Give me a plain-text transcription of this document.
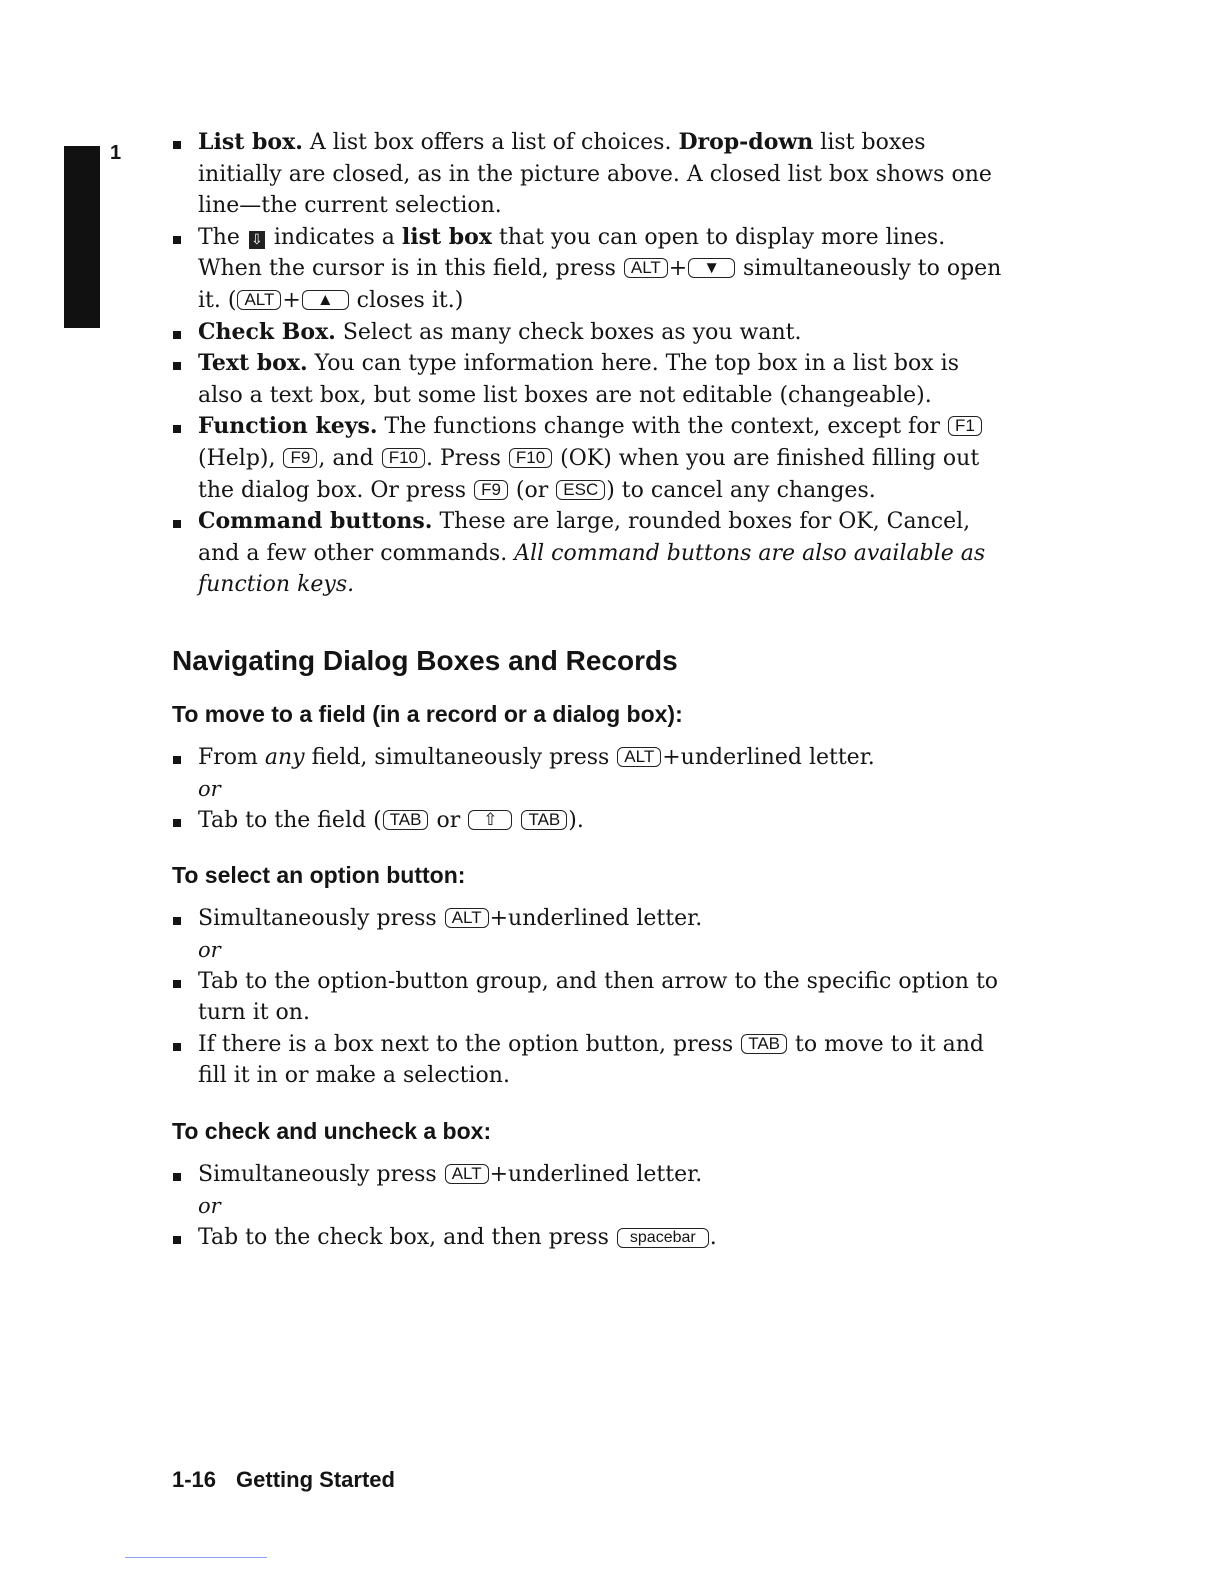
1	List box. A list box offers a list of choices. Drop-down list boxes initially are closed, as in the picture above. A closed list box shows one line—the current selection.
The ⇩ indicates a list box that you can open to display more lines. When the cursor is in this field, press ALT + ▼ simultaneously to open it. ( ALT + ▲ closes it.)
Check Box. Select as many check boxes as you want.
Text box. You can type information here. The top box in a list box is also a text box, but some list boxes are not editable (changeable).
Function keys. The functions change with the context, except for F1 (Help), F9 , and F10 . Press F10 (OK) when you are finished filling out the dialog box. Or press F9 (or ESC ) to cancel any changes.
Command buttons. These are large, rounded boxes for OK, Cancel, and a few other commands. All command buttons are also available as function keys.
Navigating Dialog Boxes and Records
To move to a field (in a record or a dialog box):
From any field, simultaneously press ALT +underlined letter.
or
Tab to the field ( TAB or ⇧ TAB ).
To select an option button:
Simultaneously press ALT +underlined letter.
or
Tab to the option-button group, and then arrow to the specific option to turn it on.
If there is a box next to the option button, press TAB to move to it and fill it in or make a selection.
To check and uncheck a box:
Simultaneously press ALT +underlined letter.
or
Tab to the check box, and then press spacebar .
1-16 Getting Started
